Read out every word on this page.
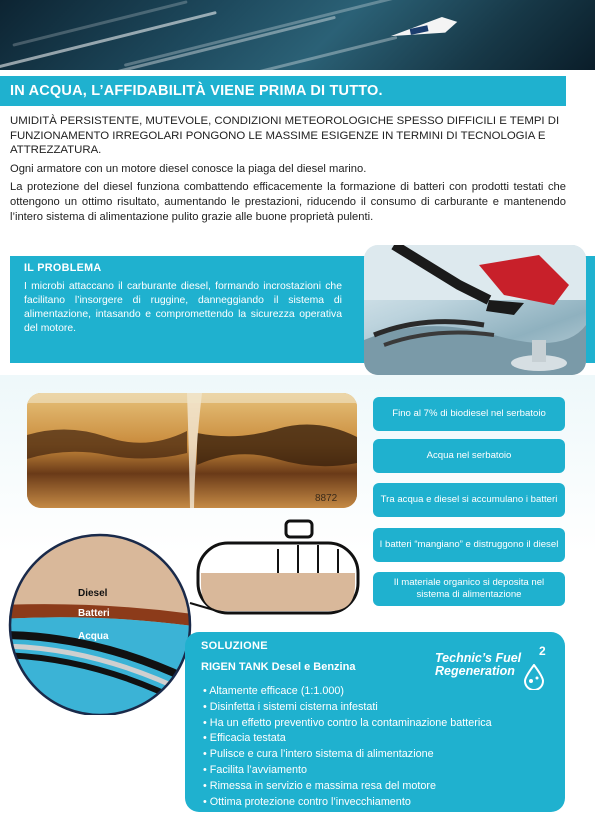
IN ACQUA, L’AFFIDABILITÀ VIENE PRIMA DI TUTTO.

UMIDITÀ PERSISTENTE, MUTEVOLE, CONDIZIONI METEOROLOGICHE SPESSO DIFFICILI E TEMPI DI FUNZIONAMENTO IRREGOLARI PONGONO LE MASSIME ESIGENZE IN TERMINI DI TECNOLOGIA E ATTREZZATURA.

Ogni armatore con un motore diesel conosce la piaga del diesel marino.

La protezione del diesel funziona combattendo efficacemente la formazione di batteri con prodotti testati che ottengono un ottimo risultato, aumentando le prestazioni, riducendo il consumo di carburante e mantenendo l’intero sistema di alimentazione pulito grazie alle buone proprietà pulenti.

IL PROBLEMA

I microbi attaccano il carburante diesel, formando incrostazioni che facilitano l’insorgere di ruggine, danneggiando il sistema di alimentazione, intasando e compromettendo la sicurezza operativa del motore.

8872
Fino al 7% di biodiesel nel serbatoio
Acqua nel serbatoio
Tra acqua e diesel si accumulano i batteri
I batteri “mangiano” e distruggono il diesel
Il materiale organico si deposita nel sistema di alimentazione
Diesel
Batteri
Acqua
SOLUZIONE
RIGEN TANK Desel e Benzina
• Altamente efficace (1:1.000)
• Disinfetta i sistemi cisterna infestati
• Ha un effetto preventivo contro la contaminazione batterica
• Efficacia testata
• Pulisce e cura l’intero sistema di alimentazione
• Facilita l’avviamento
• Rimessa in servizio e massima resa del motore
• Ottima protezione contro l’invecchiamento
Technic’s Fuel
Regeneration
2
